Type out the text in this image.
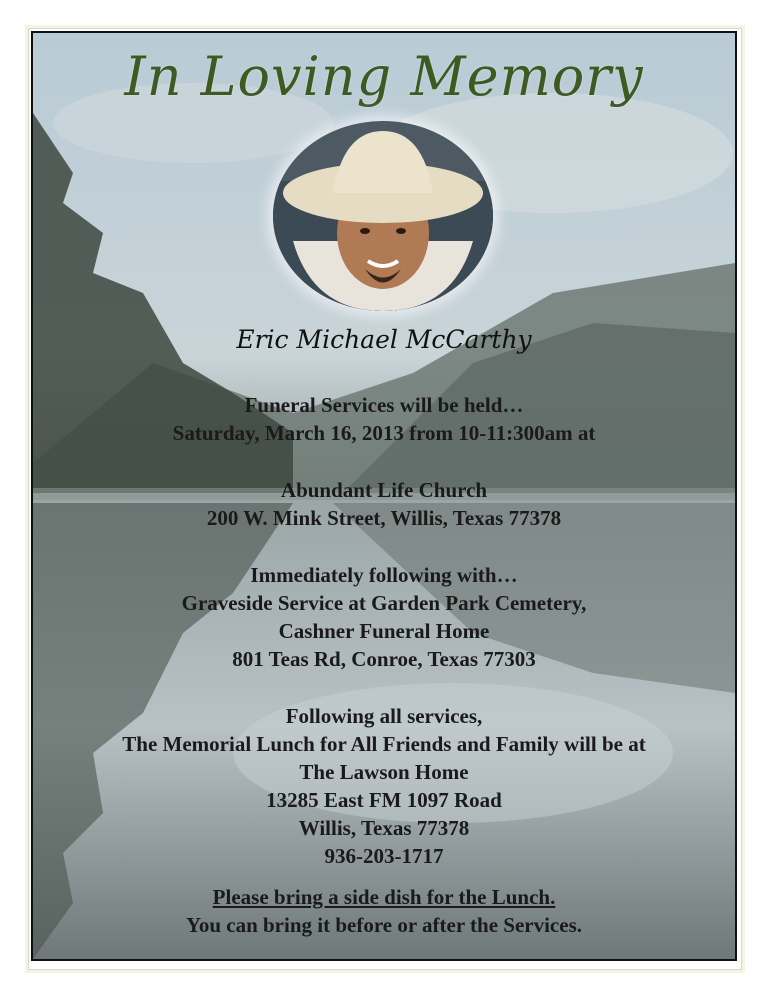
In Loving Memory
Eric Michael McCarthy
Funeral Services will be held…
Saturday, March 16, 2013 from 10-11:300am at
Abundant Life Church
200 W. Mink Street, Willis, Texas 77378
Immediately following with…
Graveside Service at Garden Park Cemetery,
Cashner Funeral Home
801 Teas Rd, Conroe, Texas 77303
Following all services,
The Memorial Lunch for All Friends and Family will be at
The Lawson Home
13285 East FM 1097 Road
Willis, Texas 77378
936-203-1717
Please bring a side dish for the Lunch.
You can bring it before or after the Services.
